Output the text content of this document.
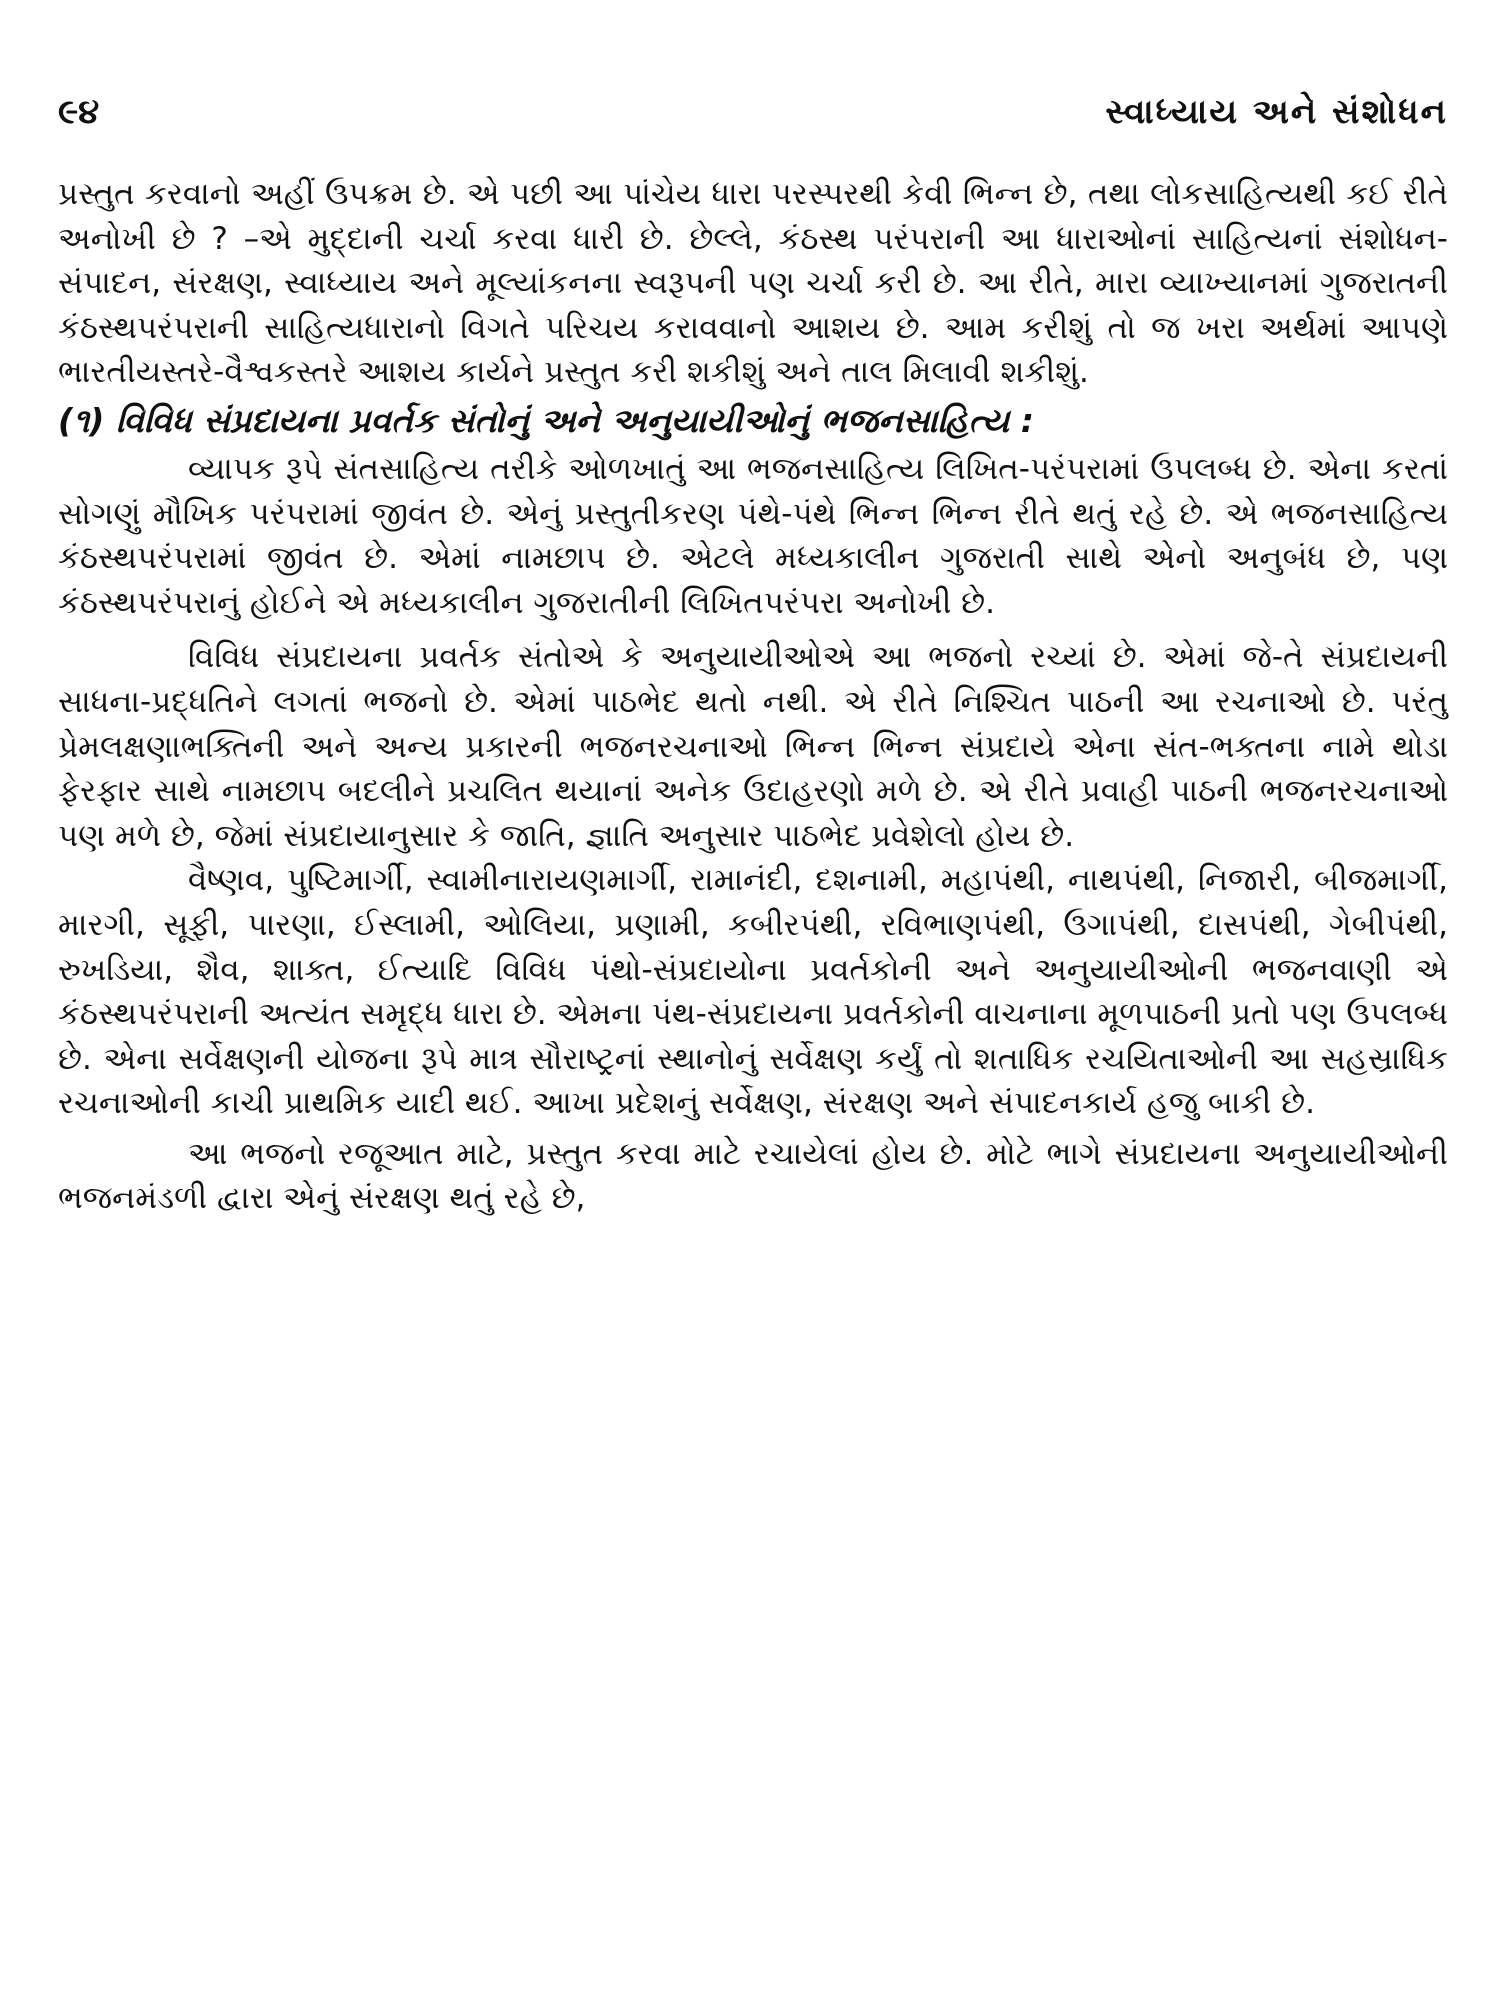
૯૪	સ્વાધ્યાય અને સંશોધન

પ્રસ્તુત કરવાનો અહીં ઉપક્રમ છે. એ પછી આ પાંચેય ધારા પરસ્પરથી કેવી ભિન્ન છે, તથા લોકસાહિત્યથી કઈ રીતે અનોખી છે ? –એ મુદ્દાની ચર્ચા કરવા ધારી છે. છેલ્લે, કંઠસ્થ પરંપરાની આ ધારાઓનાં સાહિત્યનાં સંશોધન-સંપાદન, સંરક્ષણ, સ્વાધ્યાય અને મૂલ્યાંકનના સ્વરૂપની પણ ચર્ચા કરી છે. આ રીતે, મારા વ્યાખ્યાનમાં ગુજરાતની કંઠસ્થપરંપરાની સાહિત્યધારાનો વિગતે પરિચય કરાવવાનો આશય છે. આમ કરીશું તો જ ખરા અર્થમાં આપણે ભારતીયસ્તરે-વૈશ્વકસ્તરે આશય કાર્યને પ્રસ્તુત કરી શકીશું અને તાલ મિલાવી શકીશું.

(૧) વિવિધ સંપ્રદાયના પ્રવર્તક સંતોનું અને અનુયાયીઓનું ભજનસાહિત્ય :

વ્યાપક રૂપે સંતસાહિત્ય તરીકે ઓળખાતું આ ભજનસાહિત્ય લિખિત-પરંપરામાં ઉપલબ્ધ છે. એના કરતાં સોગણું મૌખિક પરંપરામાં જીવંત છે. એનું પ્રસ્તુતીકરણ પંથે-પંથે ભિન્ન ભિન્ન રીતે થતું રહે છે. એ ભજનસાહિત્ય કંઠસ્થપરંપરામાં જીવંત છે. એમાં નામછાપ છે. એટલે મધ્યકાલીન ગુજરાતી સાથે એનો અનુબંધ છે, પણ કંઠસ્થપરંપરાનું હોઈને એ મધ્યકાલીન ગુજરાતીની લિખિતપરંપરા અનોખી છે.

વિવિધ સંપ્રદાયના પ્રવર્તક સંતોએ કે અનુયાયીઓએ આ ભજનો રચ્યાં છે. એમાં જે-તે સંપ્રદાયની સાધના-પ્રદ્ધતિને લગતાં ભજનો છે. એમાં પાઠભેદ થતો નથી. એ રીતે નિશ્ચિત પાઠની આ રચનાઓ છે. પરંતુ પ્રેમલક્ષણાભક્તિની અને અન્ય પ્રકારની ભજનરચનાઓ ભિન્ન ભિન્ન સંપ્રદાયે એના સંત-ભક્તના નામે થોડા ફેરફાર સાથે નામછાપ બદલીને પ્રચલિત થયાનાં અનેક ઉદાહરણો મળે છે. એ રીતે પ્રવાહી પાઠની ભજનરચનાઓ પણ મળે છે, જેમાં સંપ્રદાયાનુસાર કે જાતિ, જ્ઞાતિ અનુસાર પાઠભેદ પ્રવેશેલો હોય છે.

વૈષ્ણવ, પુષ્ટિમાર્ગી, સ્વામીનારાયણમાર્ગી, રામાનંદી, દશનામી, મહાપંથી, નાથપંથી, નિજારી, બીજમાર્ગી, મારગી, સૂફી, પારણા, ઈસ્લામી, ઓલિયા, પ્રણામી, કબીરપંથી, રવિભાણપંથી, ઉગાપંથી, દાસપંથી, ગેબીપંથી, રુખડિયા, શૈવ, શાક્ત, ઈત્યાદિ વિવિધ પંથો-સંપ્રદાયોના પ્રવર્તકોની અને અનુયાયીઓની ભજનવાણી એ કંઠસ્થપરંપરાની અત્યંત સમૃદ્ધ ધારા છે. એમના પંથ-સંપ્રદાયના પ્રવર્તકોની વાચનાના મૂળપાઠની પ્રતો પણ ઉપલબ્ધ છે. એના સર્વેક્ષણની યોજના રૂપે માત્ર સૌરાષ્ટ્રનાં સ્થાનોનું સર્વેક્ષણ કર્યું તો શતાધિક રચયિતાઓની આ સહસ્રાધિક રચનાઓની કાચી પ્રાથમિક યાદી થઈ. આખા પ્રદેશનું સર્વેક્ષણ, સંરક્ષણ અને સંપાદનકાર્ય હજુ બાકી છે.

આ ભજનો રજૂઆત માટે, પ્રસ્તુત કરવા માટે રચાયેલાં હોય છે. મોટે ભાગે સંપ્રદાયના અનુયાયીઓની ભજનમંડળી દ્વારા એનું સંરક્ષણ થતું રહે છે,
